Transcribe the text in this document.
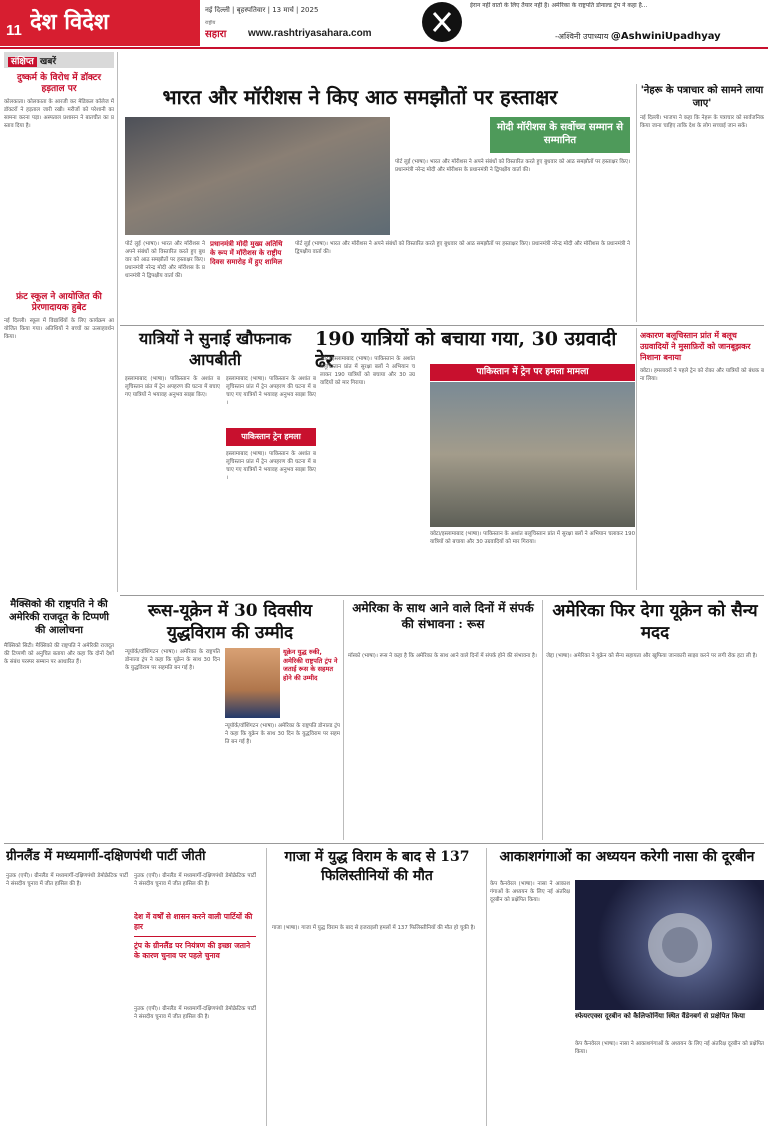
11 देश विदेश	नई दिल्ली | बृहस्पतिवार | 13 मार्च | 2025
राष्ट्रीय
सहारा	www.rashtriyasahara.com
ईरान नहीं वार्ता के लिए तैयार नहीं है। अमेरिका के राष्ट्रपति डोनाल्ड ट्रंप ने कहा है...
-अश्विनी उपाध्याय @AshwiniUpadhyay
संक्षिप्त खबरें
दुष्कर्म के विरोध में डॉक्टर हड़ताल पर
कोलकाता। कोलकाता के आरजी कर मेडिकल कॉलेज में डॉक्टरों ने हड़ताल जारी रखी। मरीजों को परेशानी का सामना करना पड़ा। अस्पताल प्रशासन ने बातचीत का प्रस्ताव दिया है।
फ्रंट स्कूल ने आयोजित की प्रेरणादायक हुबेट
नई दिल्ली। स्कूल में विद्यार्थियों के लिए कार्यक्रम आयोजित किया गया। अतिथियों ने बच्चों का उत्साहवर्धन किया।
मैक्सिको की राष्ट्रपति ने की अमेरिकी राजदूत के टिप्पणी की आलोचना
मैक्सिको सिटी। मैक्सिको की राष्ट्रपति ने अमेरिकी राजदूत की टिप्पणी को अनुचित बताया और कहा कि दोनों देशों के संबंध परस्पर सम्मान पर आधारित हैं।
भारत और मॉरीशस ने किए आठ समझौतों पर हस्ताक्षर
मोदी मॉरीशस के सर्वोच्च सम्मान से सम्मानित
पोर्ट लुई (भाषा)। भारत और मॉरीशस ने अपने संबंधों को विस्तारित करते हुए बुधवार को आठ समझौतों पर हस्ताक्षर किए। प्रधानमंत्री नरेन्द्र मोदी और मॉरीशस के प्रधानमंत्री ने द्विपक्षीय वार्ता की।
पोर्ट लुई (भाषा)। भारत और मॉरीशस ने अपने संबंधों को विस्तारित करते हुए बुधवार को आठ समझौतों पर हस्ताक्षर किए। प्रधानमंत्री नरेन्द्र मोदी और मॉरीशस के प्रधानमंत्री ने द्विपक्षीय वार्ता की।
प्रधानमंत्री मोदी मुख्य अतिथि के रूप में मॉरीशस के राष्ट्रीय दिवस समारोह में हुए शामिल
पोर्ट लुई (भाषा)। भारत और मॉरीशस ने अपने संबंधों को विस्तारित करते हुए बुधवार को आठ समझौतों पर हस्ताक्षर किए। प्रधानमंत्री नरेन्द्र मोदी और मॉरीशस के प्रधानमंत्री ने द्विपक्षीय वार्ता की।
'नेहरू के पत्राचार को सामने लाया जाए'
नई दिल्ली। भाजपा ने कहा कि नेहरू के पत्राचार को सार्वजनिक किया जाना चाहिए ताकि देश के लोग सच्चाई जान सकें।
यात्रियों ने सुनाई खौफनाक आपबीती
190 यात्रियों को बचाया गया, 30 उग्रवादी ढेर
इस्लामाबाद (भाषा)। पाकिस्तान के अशांत बलूचिस्तान प्रांत में ट्रेन अपहरण की घटना में बचाए गए यात्रियों ने भयावह अनुभव साझा किए।
इस्लामाबाद (भाषा)। पाकिस्तान के अशांत बलूचिस्तान प्रांत में ट्रेन अपहरण की घटना में बचाए गए यात्रियों ने भयावह अनुभव साझा किए।
पाकिस्तान ट्रेन हमला
इस्लामाबाद (भाषा)। पाकिस्तान के अशांत बलूचिस्तान प्रांत में ट्रेन अपहरण की घटना में बचाए गए यात्रियों ने भयावह अनुभव साझा किए।
क्वेटा/इस्लामाबाद (भाषा)। पाकिस्तान के अशांत बलूचिस्तान प्रांत में सुरक्षा बलों ने अभियान चलाकर 190 यात्रियों को बचाया और 30 उग्रवादियों को मार गिराया।
पाकिस्तान में ट्रेन पर हमला मामला
क्वेटा/इस्लामाबाद (भाषा)। पाकिस्तान के अशांत बलूचिस्तान प्रांत में सुरक्षा बलों ने अभियान चलाकर 190 यात्रियों को बचाया और 30 उग्रवादियों को मार गिराया।
अकारण बलूचिस्तान प्रांत में बलूच उग्रवादियों ने मुसाफ़िरों को जानबूझकर निशाना बनाया
क्वेटा। हमलावरों ने पहले ट्रेन को रोका और यात्रियों को बंधक बना लिया।
रूस-यूक्रेन में 30 दिवसीय युद्धविराम की उम्मीद
न्यूयॉर्क/वॉशिंगटन (भाषा)। अमेरिका के राष्ट्रपति डोनाल्ड ट्रंप ने कहा कि यूक्रेन के साथ 30 दिन के युद्धविराम पर सहमति बन गई है।
यूक्रेन युद्ध रुकी, अमेरिकी राष्ट्रपति ट्रंप ने जताई रूस के सहमत होने की उम्मीद
न्यूयॉर्क/वॉशिंगटन (भाषा)। अमेरिका के राष्ट्रपति डोनाल्ड ट्रंप ने कहा कि यूक्रेन के साथ 30 दिन के युद्धविराम पर सहमति बन गई है।
अमेरिका के साथ आने वाले दिनों में संपर्क की संभावना : रूस
मॉस्को (भाषा)। रूस ने कहा है कि अमेरिका के साथ आने वाले दिनों में संपर्क होने की संभावना है।
अमेरिका फिर देगा यूक्रेन को सैन्य मदद
जेद्दा (भाषा)। अमेरिका ने यूक्रेन को सैन्य सहायता और खुफिया जानकारी साझा करने पर लगी रोक हटा ली है।
ग्रीनलैंड में मध्यमार्गी-दक्षिणपंथी पार्टी जीती
नुउक (एपी)। ग्रीनलैंड में मध्यमार्गी-दक्षिणपंथी डेमोक्रेटिक पार्टी ने संसदीय चुनाव में जीत हासिल की है।
नुउक (एपी)। ग्रीनलैंड में मध्यमार्गी-दक्षिणपंथी डेमोक्रेटिक पार्टी ने संसदीय चुनाव में जीत हासिल की है।
देश में वर्षों से शासन करने वाली पार्टियों की हार
ट्रंप के ग्रीनलैंड पर नियंत्रण की इच्छा जताने के कारण चुनाव पर पहले चुनाव
नुउक (एपी)। ग्रीनलैंड में मध्यमार्गी-दक्षिणपंथी डेमोक्रेटिक पार्टी ने संसदीय चुनाव में जीत हासिल की है।
गाजा में युद्ध विराम के बाद से 137 फिलिस्तीनियों की मौत
गाजा (भाषा)। गाजा में युद्ध विराम के बाद से इजराइली हमलों में 137 फिलिस्तीनियों की मौत हो चुकी है।
आकाशगंगाओं का अध्ययन करेगी नासा की दूरबीन
केप कैनवेरल (भाषा)। नासा ने आकाशगंगाओं के अध्ययन के लिए नई अंतरिक्ष दूरबीन को प्रक्षेपित किया।
स्फेयरएक्स दूरबीन को कैलिफोर्निया स्थित वैंडेनबर्ग से प्रक्षेपित किया
केप कैनवेरल (भाषा)। नासा ने आकाशगंगाओं के अध्ययन के लिए नई अंतरिक्ष दूरबीन को प्रक्षेपित किया।
